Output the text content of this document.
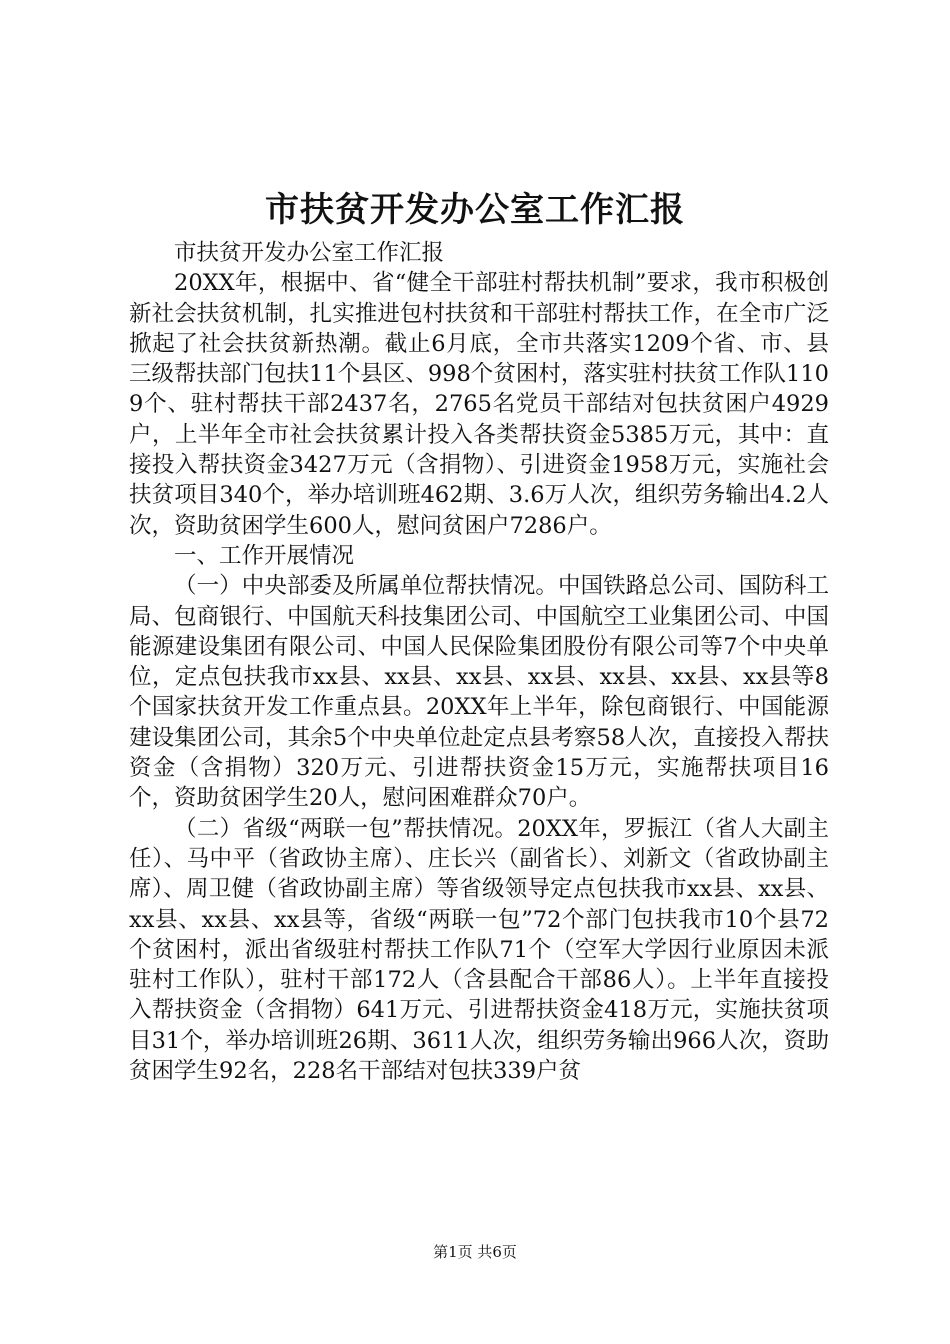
市扶贫开发办公室工作汇报

市扶贫开发办公室工作汇报

20XX年，根据中、省“健全干部驻村帮扶机制”要求，我市积极创新社会扶贫机制，扎实推进包村扶贫和干部驻村帮扶工作，在全市广泛掀起了社会扶贫新热潮。截止6月底，全市共落实1209个省、市、县三级帮扶部门包扶11个县区、998个贫困村，落实驻村扶贫工作队1109个、驻村帮扶干部2437名，2765名党员干部结对包扶贫困户4929户，上半年全市社会扶贫累计投入各类帮扶资金5385万元，其中：直接投入帮扶资金3427万元（含捐物）、引进资金1958万元，实施社会扶贫项目340个，举办培训班462期、3.6万人次，组织劳务输出4.2人次，资助贫困学生600人，慰问贫困户7286户。

一、工作开展情况

（一）中央部委及所属单位帮扶情况。中国铁路总公司、国防科工局、包商银行、中国航天科技集团公司、中国航空工业集团公司、中国能源建设集团有限公司、中国人民保险集团股份有限公司等7个中央单位，定点包扶我市xx县、xx县、xx县、xx县、xx县、xx县、xx县等8个国家扶贫开发工作重点县。20XX年上半年，除包商银行、中国能源建设集团公司，其余5个中央单位赴定点县考察58人次，直接投入帮扶资金（含捐物）320万元、引进帮扶资金15万元，实施帮扶项目16个，资助贫困学生20人，慰问困难群众70户。

（二）省级“两联一包”帮扶情况。20XX年，罗振江（省人大副主任）、马中平（省政协主席）、庄长兴（副省长）、刘新文（省政协副主席）、周卫健（省政协副主席）等省级领导定点包扶我市xx县、xx县、xx县、xx县、xx县等，省级“两联一包”72个部门包扶我市10个县72个贫困村，派出省级驻村帮扶工作队71个（空军大学因行业原因未派驻村工作队），驻村干部172人（含县配合干部86人）。上半年直接投入帮扶资金（含捐物）641万元、引进帮扶资金418万元，实施扶贫项目31个，举办培训班26期、3611人次，组织劳务输出966人次，资助贫困学生92名，228名干部结对包扶339户贫

第1页 共6页
